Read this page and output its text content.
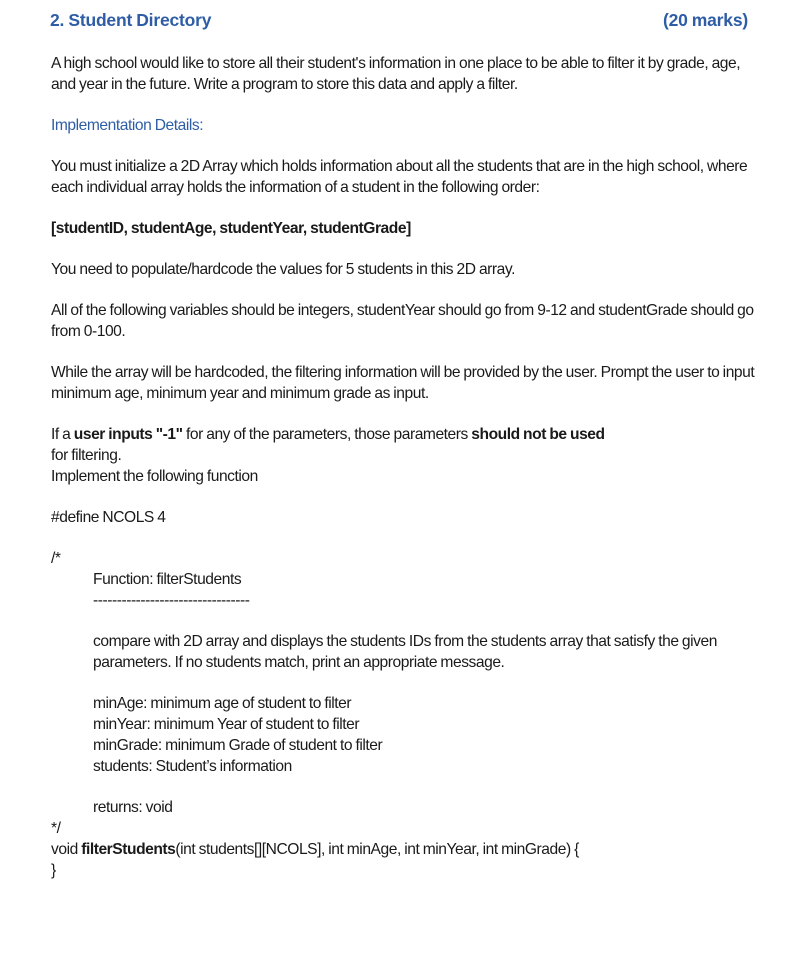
2. Student Directory	(20 marks)

A high school would like to store all their student's information in one place to be able to filter it by grade, age, and year in the future. Write a program to store this data and apply a filter.

Implementation Details:

You must initialize a 2D Array which holds information about all the students that are in the high school, where each individual array holds the information of a student in the following order:

[studentID, studentAge, studentYear, studentGrade]

You need to populate/hardcode the values for 5 students in this 2D array.

All of the following variables should be integers, studentYear should go from 9-12 and studentGrade should go from 0-100.

While the array will be hardcoded, the filtering information will be provided by the user. Prompt the user to input minimum age, minimum year and minimum grade as input.

If a user inputs "-1" for any of the parameters, those parameters should not be used

for filtering.

Implement the following function

#define NCOLS 4

/*

Function: filterStudents

---------------------------------

compare with 2D array and displays the students IDs from the students array that satisfy the given parameters. If no students match, print an appropriate message.

minAge: minimum age of student to filter

minYear: minimum Year of student to filter

minGrade: minimum Grade of student to filter

students: Student’s information

returns: void

*/

void filterStudents(int students[][NCOLS], int minAge, int minYear, int minGrade) {

}
